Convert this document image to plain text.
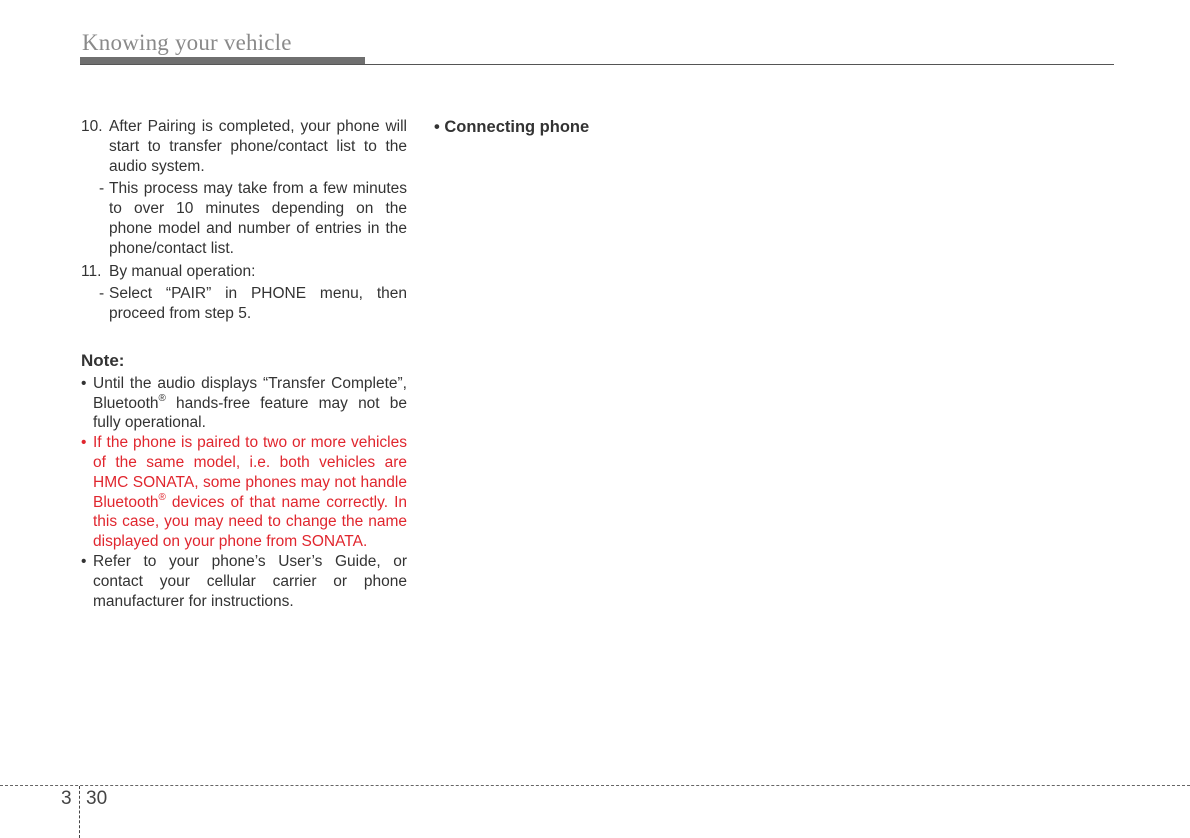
Knowing your vehicle
10. After Pairing is completed, your phone will start to transfer phone/contact list to the audio system.

- This process may take from a few minutes to over 10 minutes depending on the phone model and number of entries in the phone/contact list.

11. By manual operation:

- Select “PAIR” in PHONE menu, then proceed from step 5.

Note:
• Until the audio displays “Transfer Complete”, Bluetooth® hands-free feature may not be fully operational.

• If the phone is paired to two or more vehicles of the same model, i.e. both vehicles are HMC SONATA, some phones may not handle Bluetooth® devices of that name correctly. In this case, you may need to change the name displayed on your phone from SONATA.

• Refer to your phone’s User’s Guide, or contact your cellular carrier or phone manufacturer for instructions.

• Connecting phone

3 30
